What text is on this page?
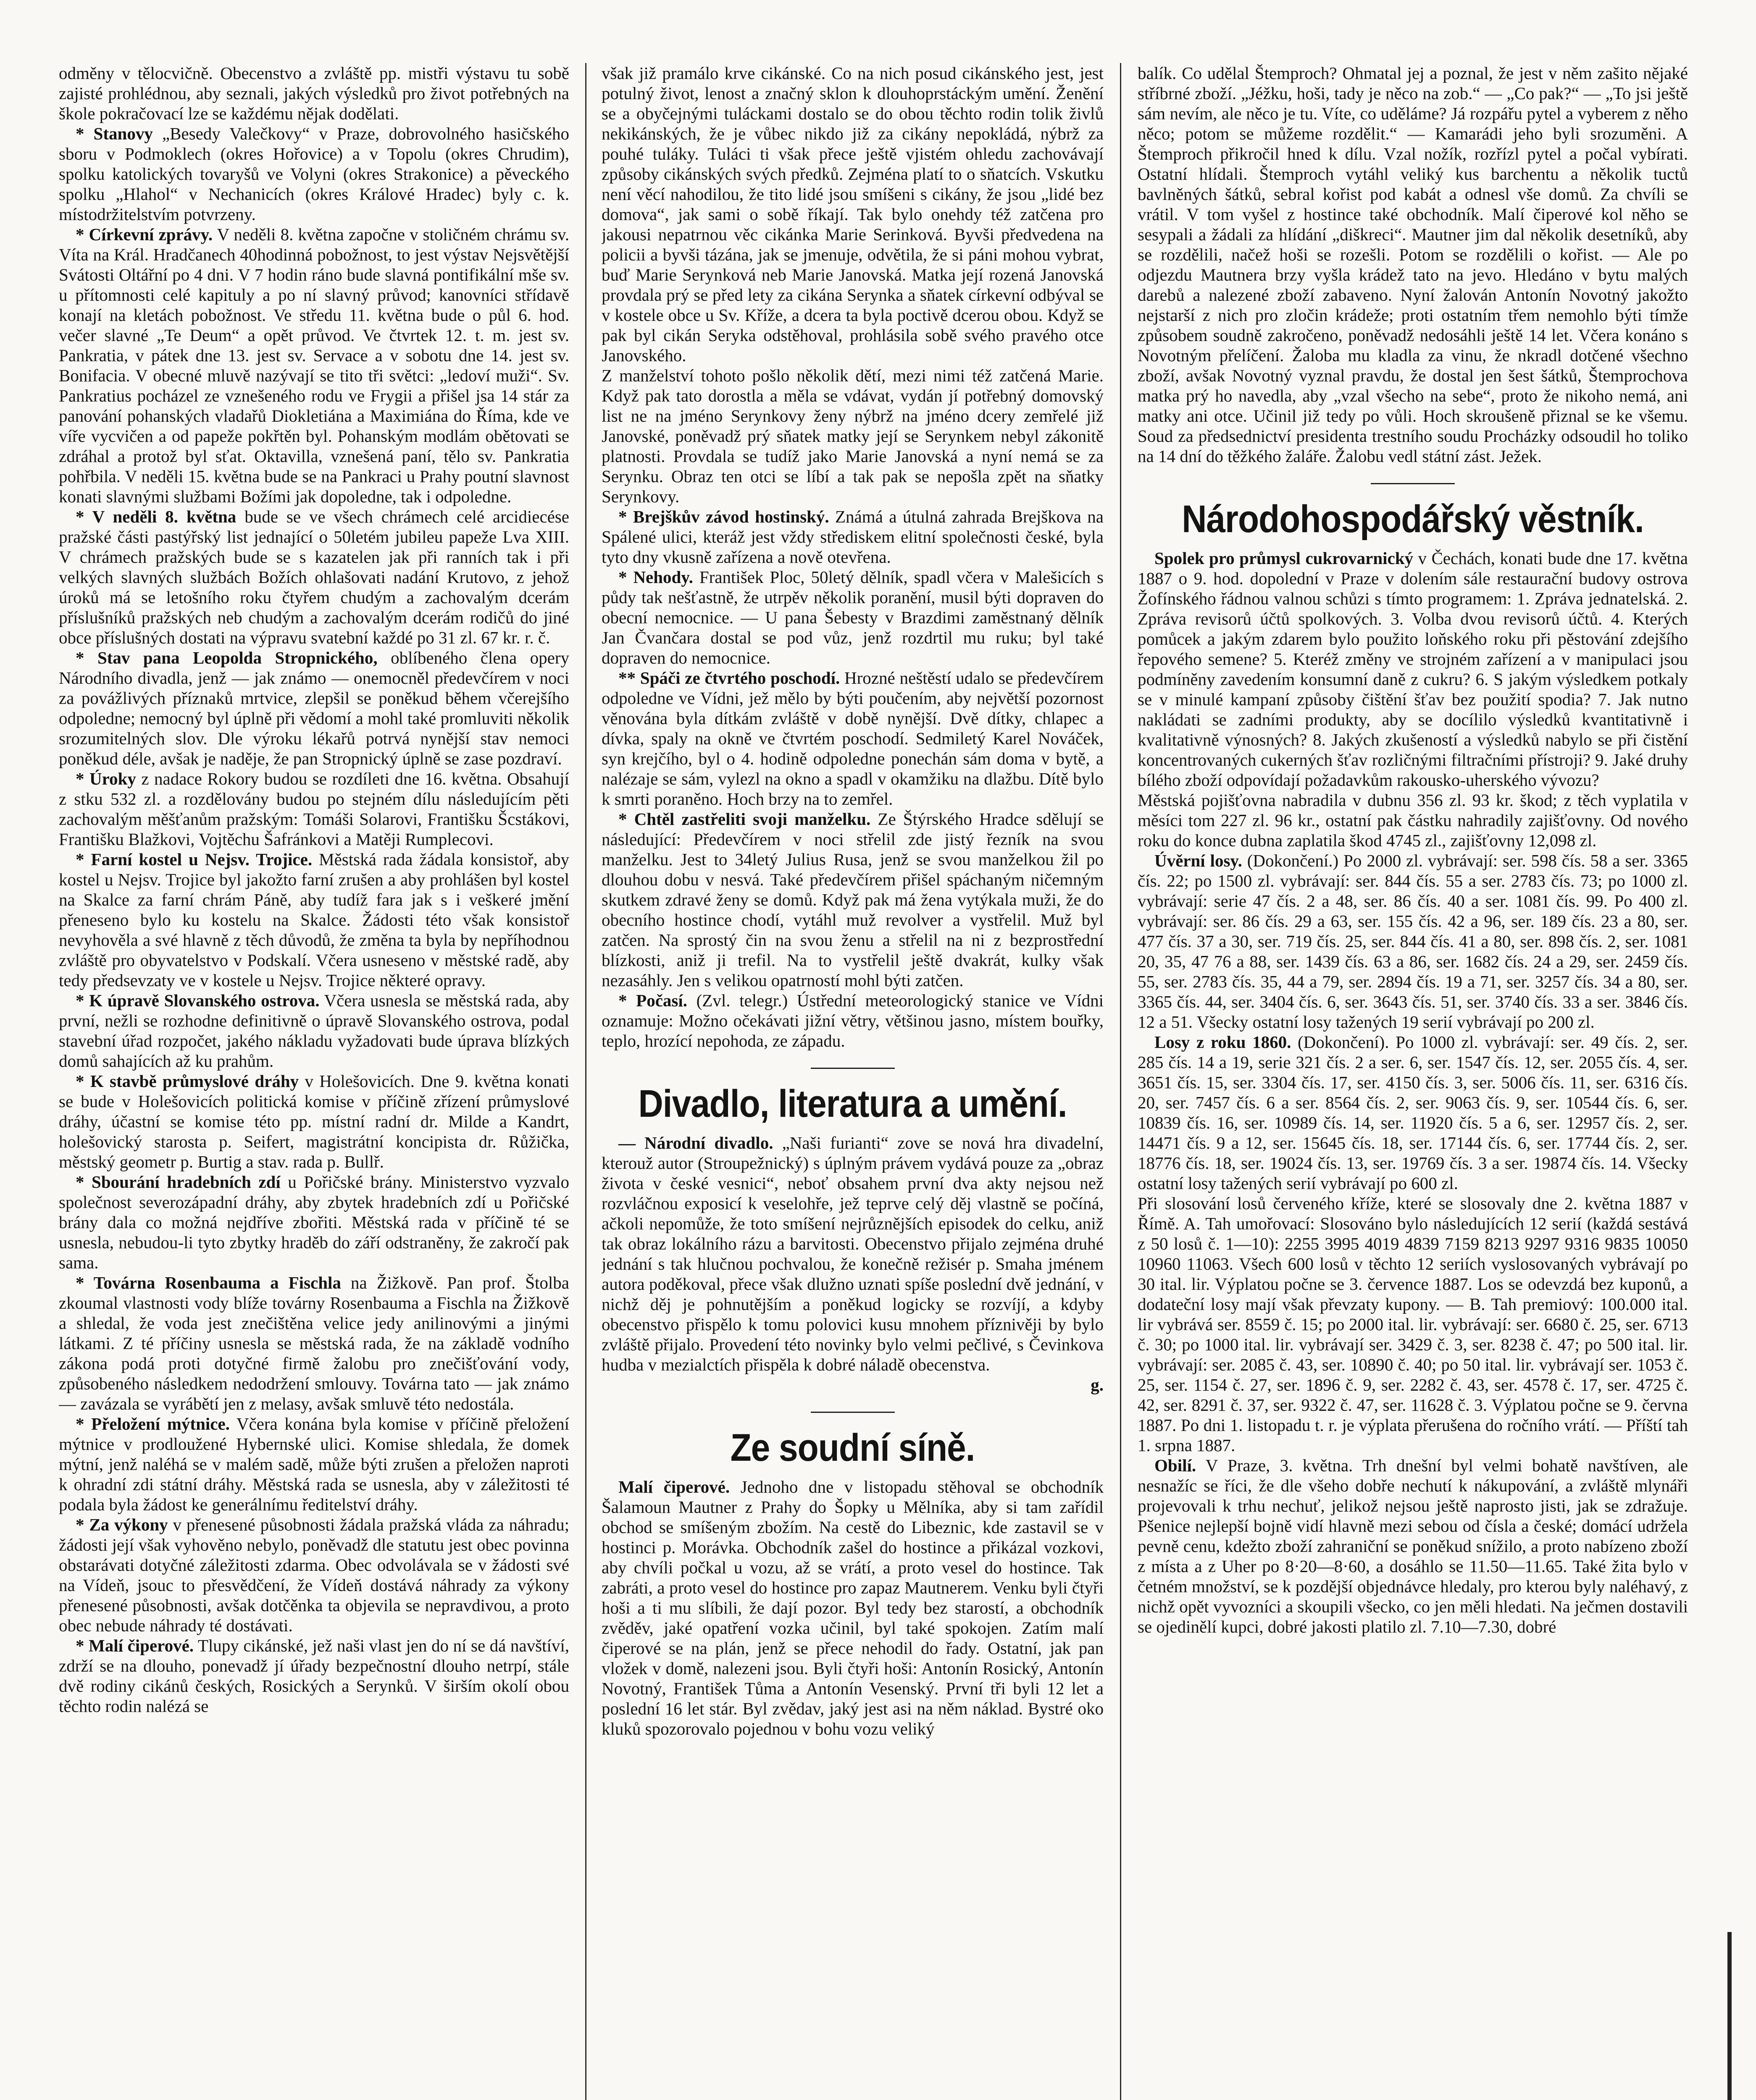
odměny v tělocvičně. Obecenstvo a zvláště pp. mistři výstavu tu sobě zajisté prohlédnou, aby seznali, jakých výsledků pro život potřebných na škole pokračovací lze se každému nějak dodělati.

* Stanovy „Besedy Valečkovy“ v Praze, dobrovolného hasičského sboru v Podmoklech (okres Hořovice) a v Topolu (okres Chrudim), spolku katolických tovaryšů ve Volyni (okres Strakonice) a pěveckého spolku „Hlahol“ v Nechanicích (okres Králové Hradec) byly c. k. místodržitelstvím potvrzeny.

* Církevní zprávy. V neděli 8. května započne v stoličném chrámu sv. Víta na Král. Hradčanech 40hodinná pobožnost, to jest výstav Nejsvětější Svátosti Oltářní po 4 dni. V 7 hodin ráno bude slavná pontifikální mše sv. u přítomnosti celé kapituly a po ní slavný průvod; kanovníci střídavě konají na kletách pobožnost. Ve středu 11. května bude o půl 6. hod. večer slavné „Te Deum“ a opět průvod. Ve čtvrtek 12. t. m. jest sv. Pankratia, v pátek dne 13. jest sv. Servace a v sobotu dne 14. jest sv. Bonifacia. V obecné mluvě nazývají se tito tři světci: „ledoví muži“. Sv. Pankratius pocházel ze vznešeného rodu ve Frygii a přišel jsa 14 stár za panování pohanských vladařů Diokletiána a Maximiána do Říma, kde ve víře vycvičen a od papeže pokřtěn byl. Pohanským modlám obětovati se zdráhal a protož byl sťat. Oktavilla, vznešená paní, tělo sv. Pankratia pohřbila. V neděli 15. května bude se na Pankraci u Prahy poutní slavnost konati slavnými službami Božími jak dopoledne, tak i odpoledne.

* V neděli 8. května bude se ve všech chrámech celé arcidiecése pražské části pastýřský list jednající o 50letém jubileu papeže Lva XIII. V chrámech pražských bude se s kazatelen jak při ranních tak i při velkých slavných službách Božích ohlašovati nadání Krutovo, z jehož úroků má se letošního roku čtyřem chudým a zachovalým dcerám příslušníků pražských neb chudým a zachovalým dcerám rodičů do jiné obce příslušných dostati na výpravu svatební každé po 31 zl. 67 kr. r. č.

* Stav pana Leopolda Stropnického, oblíbeného člena opery Národního divadla, jenž — jak známo — onemocněl předevčírem v noci za povážlivých příznaků mrtvice, zlepšil se poněkud během včerejšího odpoledne; nemocný byl úplně při vědomí a mohl také promluviti několik srozumitelných slov. Dle výroku lékařů potrvá nynější stav nemoci poněkud déle, avšak je naděje, že pan Stropnický úplně se zase pozdraví.

* Úroky z nadace Rokory budou se rozdíleti dne 16. května. Obsahují z stku 532 zl. a rozdělovány budou po stejném dílu následujícím pěti zachovalým měšťanům pražským: Tomáši Solarovi, Františku Šcstákovi, Františku Blažkovi, Vojtěchu Šafránkovi a Matěji Rumplecovi.

* Farní kostel u Nejsv. Trojice. Městská rada žádala konsistoř, aby kostel u Nejsv. Trojice byl jakožto farní zrušen a aby prohlášen byl kostel na Skalce za farní chrám Páně, aby tudíž fara jak s i veškeré jmění přeneseno bylo ku kostelu na Skalce. Žádosti této však konsistoř nevyhověla a své hlavně z těch důvodů, že změna ta byla by nepříhodnou zvláště pro obyvatelstvo v Podskalí. Včera usneseno v městské radě, aby tedy předsevzaty ve v kostele u Nejsv. Trojice některé opravy.

* K úpravě Slovanského ostrova. Včera usnesla se městská rada, aby první, nežli se rozhodne definitivně o úpravě Slovanského ostrova, podal stavební úřad rozpočet, jakého nákladu vyžadovati bude úprava blízkých domů sahajících až ku prahům.

* K stavbě průmyslové dráhy v Holešovicích. Dne 9. května konati se bude v Holešovicích politická komise v příčině zřízení průmyslové dráhy, účastní se komise této pp. místní radní dr. Milde a Kandrt, holešovický starosta p. Seifert, magistrátní koncipista dr. Růžička, městský geometr p. Burtig a stav. rada p. Bullř.

* Sbourání hradebních zdí u Pořičské brány. Ministerstvo vyzvalo společnost severozápadní dráhy, aby zbytek hradebních zdí u Pořičské brány dala co možná nejdříve zbořiti. Městská rada v příčině té se usnesla, nebudou-li tyto zbytky hraděb do září odstraněny, že zakročí pak sama.

* Továrna Rosenbauma a Fischla na Žižkově. Pan prof. Štolba zkoumal vlastnosti vody blíže továrny Rosenbauma a Fischla na Žižkově a shledal, že voda jest znečištěna velice jedy anilinovými a jinými látkami. Z té příčiny usnesla se městská rada, že na základě vodního zákona podá proti dotyčné firmě žalobu pro znečišťování vody, způsobeného následkem nedodržení smlouvy. Továrna tato — jak známo — zavázala se vyrábětí jen z melasy, avšak smluvě této nedostála.

* Přeložení mýtnice. Včera konána byla komise v příčině přeložení mýtnice v prodloužené Hybernské ulici. Komise shledala, že domek mýtní, jenž naléhá se v malém sadě, může býti zrušen a přeložen naproti k ohradní zdi státní dráhy. Městská rada se usnesla, aby v záležitosti té podala byla žádost ke generálnímu ředitelství dráhy.

* Za výkony v přenesené působnosti žádala pražská vláda za náhradu; žádosti její však vyhověno nebylo, poněvadž dle statutu jest obec povinna obstarávati dotyčné záležitosti zdarma. Obec odvolávala se v žádosti své na Vídeň, jsouc to přesvědčení, že Vídeň dostává náhrady za výkony přenesené působnosti, avšak dotčěnka ta objevila se nepravdivou, a proto obec nebude náhrady té dostávati.

* Malí čiperové. Tlupy cikánské, jež naši vlast jen do ní se dá navštíví, zdrží se na dlouho, ponevadž jí úřady bezpečnostní dlouho netrpí, stále dvě rodiny cikánů českých, Rosických a Serynků. V širším okolí obou těchto rodin nalézá se

však již pramálo krve cikánské. Co na nich posud cikánského jest, jest potulný život, lenost a značný sklon k dlouhoprstáckým umění. Ženění se a obyčejnými tuláckami dostalo se do obou těchto rodin tolik živlů nekikánských, že je vůbec nikdo již za cikány nepokládá, nýbrž za pouhé tuláky. Tuláci ti však přece ještě vjistém ohledu zachovávají způsoby cikánských svých předků. Zejména platí to o sňatcích. Vskutku není věcí nahodilou, že tito lidé jsou smíšeni s cikány, že jsou „lidé bez domova“, jak sami o sobě říkají. Tak bylo onehdy též zatčena pro jakousi nepatrnou věc cikánka Marie Serinková. Byvši předvedena na policii a byvši tázána, jak se jmenuje, odvětila, že si páni mohou vybrat, buď Marie Serynková neb Marie Janovská. Matka její rozená Janovská provdala prý se před lety za cikána Serynka a sňatek církevní odbýval se v kostele obce u Sv. Kříže, a dcera ta byla poctivě dcerou obou. Když se pak byl cikán Seryka odstěhoval, prohlásila sobě svého pravého otce Janovského.

Z manželství tohoto pošlo několik dětí, mezi nimi též zatčená Marie. Když pak tato dorostla a měla se vdávat, vydán jí potřebný domovský list ne na jméno Serynkovy ženy nýbrž na jméno dcery zemřelé již Janovské, poněvadž prý sňatek matky její se Serynkem nebyl zákonitě platnosti. Provdala se tudíž jako Marie Janovská a nyní nemá se za Serynku. Obraz ten otci se líbí a tak pak se nepošla zpět na sňatky Serynkovy.

* Brejškův závod hostinský. Známá a útulná zahrada Brejškova na Spálené ulici, kteráž jest vždy střediskem elitní společnosti české, byla tyto dny vkusně zařízena a nově otevřena.

* Nehody. František Ploc, 50letý dělník, spadl včera v Malešicích s půdy tak nešťastně, že utrpěv několik poranění, musil býti dopraven do obecní nemocnice. — U pana Šebesty v Brazdimi zaměstnaný dělník Jan Čvančara dostal se pod vůz, jenž rozdrtil mu ruku; byl také dopraven do nemocnice.

** Spáči ze čtvrtého poschodí. Hrozné neštěstí udalo se předevčírem odpoledne ve Vídni, jež mělo by býti poučením, aby největší pozornost věnována byla dítkám zvláště v době nynější. Dvě dítky, chlapec a dívka, spaly na okně ve čtvrtém poschodí. Sedmiletý Karel Nováček, syn krejčího, byl o 4. hodině odpoledne ponechán sám doma v bytě, a nalézaje se sám, vylezl na okno a spadl v okamžiku na dlažbu. Dítě bylo k smrti poraněno. Hoch brzy na to zemřel.

* Chtěl zastřeliti svoji manželku. Ze Štýrského Hradce sdělují se následující: Předevčírem v noci střelil zde jistý řezník na svou manželku. Jest to 34letý Julius Rusa, jenž se svou manželkou žil po dlouhou dobu v nesvá. Také předevčírem přišel spáchaným ničemným skutkem zdravé ženy se domů. Když pak má žena vytýkala muži, že do obecního hostince chodí, vytáhl muž revolver a vystřelil. Muž byl zatčen. Na sprostý čin na svou ženu a střelil na ni z bezprostřední blízkosti, aniž ji trefil. Na to vystřelil ještě dvakrát, kulky však nezasáhly. Jen s velikou opatrností mohl býti zatčen.

* Počasí. (Zvl. telegr.) Ústřední meteorologický stanice ve Vídni oznamuje: Možno očekávati jižní větry, většinou jasno, místem bouřky, teplo, hrozící nepohoda, ze západu.

Divadlo, literatura a umění.

— Národní divadlo. „Naši furianti“ zove se nová hra divadelní, kterouž autor (Stroupežnický) s úplným právem vydává pouze za „obraz života v české vesnici“, neboť obsahem první dva akty nejsou než rozvláčnou exposicí k veselohře, jež teprve celý děj vlastně se počíná, ačkoli nepomůže, že toto smíšení nejrůznějších episodek do celku, aniž tak obraz lokálního rázu a barvitosti. Obecenstvo přijalo zejména druhé jednání s tak hlučnou pochvalou, že konečně režisér p. Smaha jménem autora poděkoval, přece však dlužno uznati spíše poslední dvě jednání, v nichž děj je pohnutějším a poněkud logicky se rozvíjí, a kdyby obecenstvo přispělo k tomu polovici kusu mnohem příznivěji by bylo zvláště přijalo. Provedení této novinky bylo velmi pečlivé, s Čevinkova hudba v mezialctích přispěla k dobré náladě obecenstva.

g.

Ze soudní síně.

Malí čiperové. Jednoho dne v listopadu stěhoval se obchodník Šalamoun Mautner z Prahy do Šopky u Mělníka, aby si tam zařídil obchod se smíšeným zbožím. Na cestě do Libeznic, kde zastavil se v hostinci p. Morávka. Obchodník zašel do hostince a přikázal vozkovi, aby chvíli počkal u vozu, až se vrátí, a proto vesel do hostince. Tak zabráti, a proto vesel do hostince pro zapaz Mautnerem. Venku byli čtyři hoši a ti mu slíbili, že dají pozor. Byl tedy bez starostí, a obchodník zvěděv, jaké opatření vozka učinil, byl také spokojen. Zatím malí čiperové se na plán, jenž se přece nehodil do řady. Ostatní, jak pan vložek v domě, nalezeni jsou. Byli čtyři hoši: Antonín Rosický, Antonín Novotný, František Tůma a Antonín Vesenský. První tři byli 12 let a poslední 16 let stár. Byl zvědav, jaký jest asi na něm náklad. Bystré oko kluků spozorovalo pojednou v bohu vozu veliký

balík. Co udělal Štemproch? Ohmatal jej a poznal, že jest v něm zašito nějaké stříbrné zboží. „Jéžku, hoši, tady je něco na zob.“ — „Co pak?“ — „To jsi ještě sám nevím, ale něco je tu. Víte, co uděláme? Já rozpářu pytel a vyberem z něho něco; potom se můžeme rozdělit.“ — Kamarádi jeho byli srozuměni. A Štemproch přikročil hned k dílu. Vzal nožík, rozřízl pytel a počal vybírati. Ostatní hlídali. Štemproch vytáhl veliký kus barchentu a několik tuctů bavlněných šátků, sebral kořist pod kabát a odnesl vše domů. Za chvíli se vrátil. V tom vyšel z hostince také obchodník. Malí čiperové kol něho se sesypali a žádali za hlídání „diškreci“. Mautner jim dal několik desetníků, aby se rozdělili, načež hoši se rozešli. Potom se rozdělili o kořist. — Ale po odjezdu Mautnera brzy vyšla krádež tato na jevo. Hledáno v bytu malých darebů a nalezené zboží zabaveno. Nyní žalován Antonín Novotný jakožto nejstarší z nich pro zločin krádeže; proti ostatním třem nemohlo býti tímže způsobem soudně zakročeno, poněvadž nedosáhli ještě 14 let. Včera konáno s Novotným přelíčení. Žaloba mu kladla za vinu, že nkradl dotčené všechno zboží, avšak Novotný vyznal pravdu, že dostal jen šest šátků, Štemprochova matka prý ho navedla, aby „vzal všecho na sebe“, proto že nikoho nemá, ani matky ani otce. Učinil již tedy po vůli. Hoch skroušeně přiznal se ke všemu. Soud za předsednictví presidenta trestního soudu Procházky odsoudil ho toliko na 14 dní do těžkého žaláře. Žalobu vedl státní zást. Ježek.

Národohospodářský věstník.

Spolek pro průmysl cukrovarnický v Čechách, konati bude dne 17. května 1887 o 9. hod. dopolední v Praze v dolením sále restaurační budovy ostrova Žofínského řádnou valnou schůzi s tímto programem: 1. Zpráva jednatelská. 2. Zpráva revisorů účtů spolkových. 3. Volba dvou revisorů účtů. 4. Kterých pomůcek a jakým zdarem bylo použito loňského roku při pěstování zdejšího řepového semene? 5. Kteréž změny ve strojném zařízení a v manipulaci jsou podmíněny zavedením konsumní daně z cukru? 6. S jakým výsledkem potkaly se v minulé kampaní způsoby čištění šťav bez použití spodia? 7. Jak nutno nakládati se zadními produkty, aby se docílilo výsledků kvantitativně i kvalitativně výnosných? 8. Jakých zkušeností a výsledků nabylo se při čistění koncentrovaných cukerných šťav rozličnými filtračními přístroji? 9. Jaké druhy bílého zboží odpovídají požadavkům rakousko-uherského vývozu?

Městská pojišťovna nabradila v dubnu 356 zl. 93 kr. škod; z těch vyplatila v měsíci tom 227 zl. 96 kr., ostatní pak částku nahradily zajišťovny. Od nového roku do konce dubna zaplatila škod 4745 zl., zajišťovny 12,098 zl.

Úvěrní losy. (Dokončení.) Po 2000 zl. vybrávají: ser. 598 čís. 58 a ser. 3365 čís. 22; po 1500 zl. vybrávají: ser. 844 čís. 55 a ser. 2783 čís. 73; po 1000 zl. vybrávají: serie 47 čís. 2 a 48, ser. 86 čís. 40 a ser. 1081 čís. 99. Po 400 zl. vybrávají: ser. 86 čís. 29 a 63, ser. 155 čís. 42 a 96, ser. 189 čís. 23 a 80, ser. 477 čís. 37 a 30, ser. 719 čís. 25, ser. 844 čís. 41 a 80, ser. 898 čís. 2, ser. 1081 20, 35, 47 76 a 88, ser. 1439 čís. 63 a 86, ser. 1682 čís. 24 a 29, ser. 2459 čís. 55, ser. 2783 čís. 35, 44 a 79, ser. 2894 čís. 19 a 71, ser. 3257 čís. 34 a 80, ser. 3365 čís. 44, ser. 3404 čís. 6, ser. 3643 čís. 51, ser. 3740 čís. 33 a ser. 3846 čís. 12 a 51. Všecky ostatní losy tažených 19 serií vybrávají po 200 zl.

Losy z roku 1860. (Dokončení). Po 1000 zl. vybrávají: ser. 49 čís. 2, ser. 285 čís. 14 a 19, serie 321 čís. 2 a ser. 6, ser. 1547 čís. 12, ser. 2055 čís. 4, ser. 3651 čís. 15, ser. 3304 čís. 17, ser. 4150 čís. 3, ser. 5006 čís. 11, ser. 6316 čís. 20, ser. 7457 čís. 6 a ser. 8564 čís. 2, ser. 9063 čís. 9, ser. 10544 čís. 6, ser. 10839 čís. 16, ser. 10989 čís. 14, ser. 11920 čís. 5 a 6, ser. 12957 čís. 2, ser. 14471 čís. 9 a 12, ser. 15645 čís. 18, ser. 17144 čís. 6, ser. 17744 čís. 2, ser. 18776 čís. 18, ser. 19024 čís. 13, ser. 19769 čís. 3 a ser. 19874 čís. 14. Všecky ostatní losy tažených serií vybrávají po 600 zl.

Při slosování losů červeného kříže, které se slosovaly dne 2. května 1887 v Římě. A. Tah umořovací: Slosováno bylo následujících 12 serií (každá sestává z 50 losů č. 1—10): 2255 3995 4019 4839 7159 8213 9297 9316 9835 10050 10960 11063. Všech 600 losů v těchto 12 seriích vyslosovaných vybrávají po 30 ital. lir. Výplatou počne se 3. července 1887. Los se odevzdá bez kuponů, a dodateční losy mají však převzaty kupony. — B. Tah premiový: 100.000 ital. lir vybrává ser. 8559 č. 15; po 2000 ital. lir. vybrávají: ser. 6680 č. 25, ser. 6713 č. 30; po 1000 ital. lir. vybrávají ser. 3429 č. 3, ser. 8238 č. 47; po 500 ital. lir. vybrávají: ser. 2085 č. 43, ser. 10890 č. 40; po 50 ital. lir. vybrávají ser. 1053 č. 25, ser. 1154 č. 27, ser. 1896 č. 9, ser. 2282 č. 43, ser. 4578 č. 17, ser. 4725 č. 42, ser. 8291 č. 37, ser. 9322 č. 47, ser. 11628 č. 3. Výplatou počne se 9. června 1887. Po dni 1. listopadu t. r. je výplata přerušena do ročního vrátí. — Příští tah 1. srpna 1887.

Obilí. V Praze, 3. května. Trh dnešní byl velmi bohatě navštíven, ale nesnažíc se říci, že dle všeho dobře nechutí k nákupování, a zvláště mlynáři projevovali k trhu nechuť, jelikož nejsou ještě naprosto jisti, jak se zdražuje. Pšenice nejlepší bojně vidí hlavně mezi sebou od čísla a české; domácí udržela pevně cenu, kdežto zboží zahraniční se poněkud snížilo, a proto nabízeno zboží z místa a z Uher po 8·20—8·60, a dosáhlo se 11.50—11.65. Také žita bylo v četném množství, se k pozdější objednávce hledaly, pro kterou byly naléhavý, z nichž opět vyvozníci a skoupili všecko, co jen měli hledati. Na ječmen dostavili se ojedinělí kupci, dobré jakosti platilo zl. 7.10—7.30, dobré
